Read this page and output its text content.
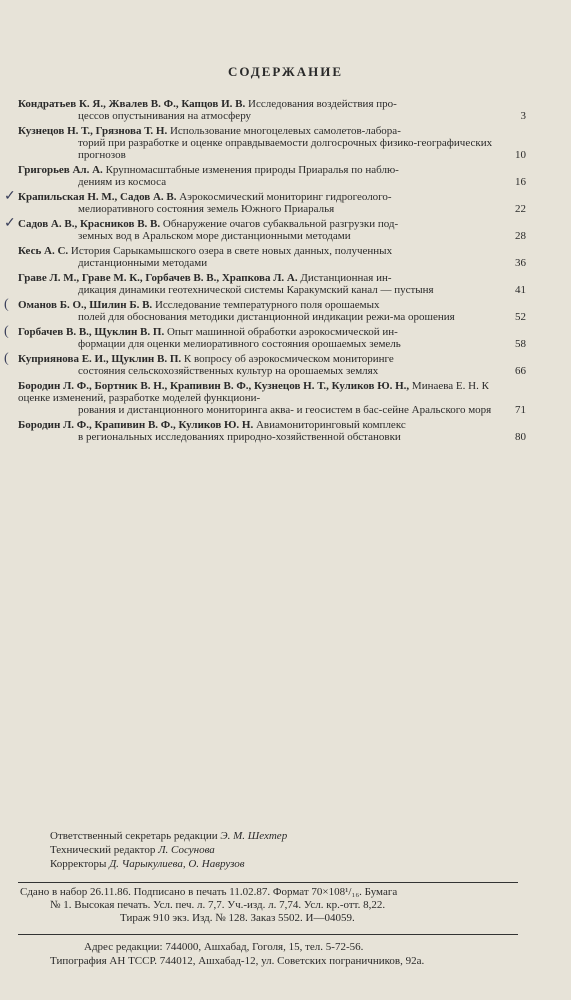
СОДЕРЖАНИЕ
Кондратьев К. Я., Жвалев В. Ф., Капцов И. В. Исследования воздействия про-
цессов опустынивания на атмосферу	3
Кузнецов Н. Т., Грязнова Т. Н. Использование многоцелевых самолетов-лабора-
торий при разработке и оценке оправдываемости долгосрочных физико-географических прогнозов	10
Григорьев Ал. А. Крупномасштабные изменения природы Приаралья по наблю-
дениям из космоса	16
✓ Крапильская Н. М., Садов А. В. Аэрокосмический мониторинг гидрогеолого-
мелиоративного состояния земель Южного Приаралья	22
✓ Садов А. В., Красников В. В. Обнаружение очагов субаквальной разгрузки под-
земных вод в Аральском море дистанционными методами	28
Кесь А. С. История Сарыкамышского озера в свете новых данных, полученных
дистанционными методами	36
Граве Л. М., Граве М. К., Горбачев В. В., Храпкова Л. А. Дистанционная ин-
дикация динамики геотехнической системы Каракумский канал — пустыня	41
( Оманов Б. О., Шилин Б. В. Исследование температурного поля орошаемых
полей для обоснования методики дистанционной индикации режи-ма орошения	52
( Горбачев В. В., Щуклин В. П. Опыт машинной обработки аэрокосмической ин-
формации для оценки мелиоративного состояния орошаемых земель	58
( Куприянова Е. И., Щуклин В. П. К вопросу об аэрокосмическом мониторинге
состояния сельскохозяйственных культур на орошаемых землях	66
Бородин Л. Ф., Бортник В. Н., Крапивин В. Ф., Кузнецов Н. Т., Куликов Ю. Н., Минаева Е. Н. К оценке изменений, разработке моделей функциони-
рования и дистанционного мониторинга аква- и геосистем в бас-сейне Аральского моря	71
Бородин Л. Ф., Крапивин В. Ф., Куликов Ю. Н. Авиамониторинговый комплекс
в региональных исследованиях природно-хозяйственной обстановки	80
Ответственный секретарь редакции Э. М. Шехтер
Технический редактор Л. Сосунова
Корректоры Д. Чарыкулиева, О. Наврузов
Сдано в набор 26.11.86. Подписано в печать 11.02.87. Формат 70×108¹/₁₆. Бумага
№ 1. Высокая печать. Усл. печ. л. 7,7. Уч.-изд. л. 7,74. Усл. кр.-отт. 8,22.
Тираж 910 экз. Изд. № 128. Заказ 5502. И—04059.
Адрес редакции: 744000, Ашхабад, Гоголя, 15, тел. 5-72-56.
Типография АН ТССР. 744012, Ашхабад-12, ул. Советских пограничников, 92а.
